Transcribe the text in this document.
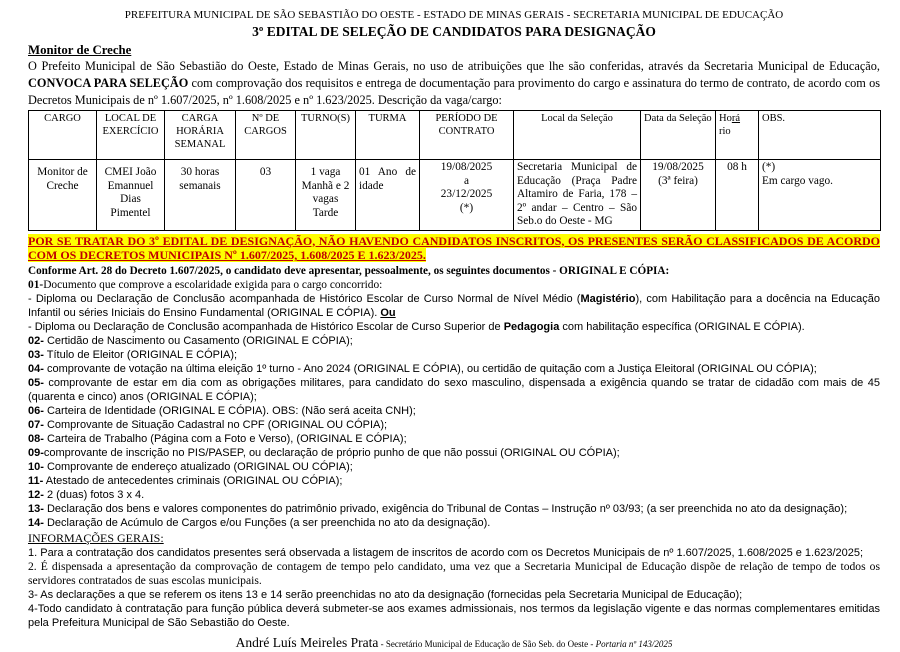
PREFEITURA MUNICIPAL DE SÃO SEBASTIÃO DO OESTE - ESTADO DE MINAS GERAIS - SECRETARIA MUNICIPAL DE EDUCAÇÃO
3º EDITAL DE SELEÇÃO DE CANDIDATOS PARA DESIGNAÇÃO
Monitor de Creche

O Prefeito Municipal de São Sebastião do Oeste, Estado de Minas Gerais, no uso de atribuições que lhe são conferidas, através da Secretaria Municipal de Educação, CONVOCA PARA SELEÇÃO com comprovação dos requisitos e entrega de documentação para provimento do cargo e assinatura do termo de contrato, de acordo com os Decretos Municipais de nº 1.607/2025, nº 1.608/2025 e nº 1.623/2025. Descrição da vaga/cargo:

CARGO	LOCAL DE EXERCÍCIO	CARGA HORÁRIA SEMANAL	Nº DE CARGOS	TURNO(S)	TURMA	PERÍODO DE CONTRATO	Local da Seleção	Data da Seleção	Horá
rio	OBS.
Monitor de Creche	CMEI João Emannuel Dias Pimentel	30 horas semanais	03	1 vaga Manhã e 2 vagas Tarde	01 Ano de idade	19/08/2025
a
23/12/2025
(*)	Secretaria Municipal de Educação (Praça Padre Altamiro de Faria, 178 – 2º andar – Centro – São Seb.o do Oeste - MG	19/08/2025
(3ª feira)	08 h	(*)
Em cargo vago.

POR SE TRATAR DO 3º EDITAL DE DESIGNAÇÃO, NÃO HAVENDO CANDIDATOS INSCRITOS, OS PRESENTES SERÃO CLASSIFICADOS DE ACORDO COM OS DECRETOS MUNICIPAIS Nº 1.607/2025, 1.608/2025 E 1.623/2025.

Conforme Art. 28 do Decreto 1.607/2025, o candidato deve apresentar, pessoalmente, os seguintes documentos - ORIGINAL E CÓPIA:

01-Documento que comprove a escolaridade exigida para o cargo concorrido:

- Diploma ou Declaração de Conclusão acompanhada de Histórico Escolar de Curso Normal de Nível Médio (Magistério), com Habilitação para a docência na Educação Infantil ou séries Iniciais do Ensino Fundamental (ORIGINAL E CÓPIA). Ou

- Diploma ou Declaração de Conclusão acompanhada de Histórico Escolar de Curso Superior de Pedagogia com habilitação específica (ORIGINAL E CÓPIA).

02- Certidão de Nascimento ou Casamento (ORIGINAL E CÓPIA);

03- Título de Eleitor (ORIGINAL E CÓPIA);

04- comprovante de votação na última eleição 1º turno - Ano 2024 (ORIGINAL E CÓPIA), ou certidão de quitação com a Justiça Eleitoral (ORIGINAL OU CÓPIA);

05- comprovante de estar em dia com as obrigações militares, para candidato do sexo masculino, dispensada a exigência quando se tratar de cidadão com mais de 45 (quarenta e cinco) anos (ORIGINAL E CÓPIA);

06- Carteira de Identidade (ORIGINAL E CÓPIA). OBS: (Não será aceita CNH);

07- Comprovante de Situação Cadastral no CPF (ORIGINAL OU CÓPIA);

08- Carteira de Trabalho (Página com a Foto e Verso), (ORIGINAL E CÓPIA);

09-comprovante de inscrição no PIS/PASEP, ou declaração de próprio punho de que não possui (ORIGINAL OU CÓPIA);

10- Comprovante de endereço atualizado (ORIGINAL OU CÓPIA);

11- Atestado de antecedentes criminais (ORIGINAL OU CÓPIA);

12- 2 (duas) fotos 3 x 4.

13- Declaração dos bens e valores componentes do patrimônio privado, exigência do Tribunal de Contas – Instrução nº 03/93; (a ser preenchida no ato da designação);

14- Declaração de Acúmulo de Cargos e/ou Funções (a ser preenchida no ato da designação).

INFORMAÇÕES GERAIS:

1. Para a contratação dos candidatos presentes será observada a listagem de inscritos de acordo com os Decretos Municipais de nº 1.607/2025, 1.608/2025 e 1.623/2025;

2. É dispensada a apresentação da comprovação de contagem de tempo pelo candidato, uma vez que a Secretaria Municipal de Educação dispõe de relação de tempo de todos os servidores contratados de suas escolas municipais.

3- As declarações a que se referem os itens 13 e 14 serão preenchidas no ato da designação (fornecidas pela Secretaria Municipal de Educação);

4-Todo candidato à contratação para função pública deverá submeter-se aos exames admissionais, nos termos da legislação vigente e das normas complementares emitidas pela Prefeitura Municipal de São Sebastião do Oeste.

André Luís Meireles Prata - Secretário Municipal de Educação de São Seb. do Oeste - Portaria nº 143/2025
